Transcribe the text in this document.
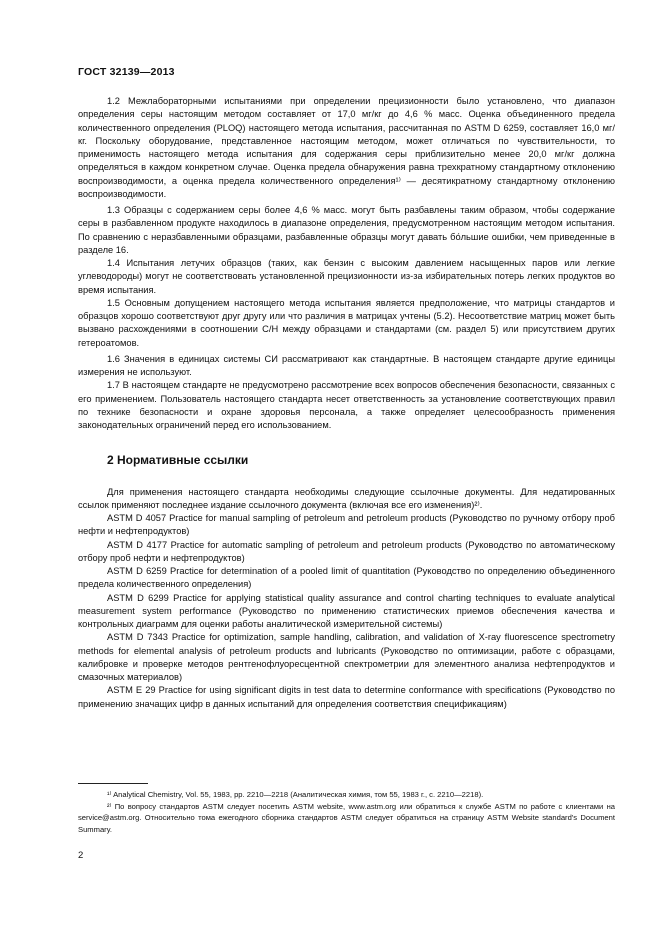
ГОСТ 32139—2013

1.2 Межлабораторными испытаниями при определении прецизионности было установлено, что диапазон определения серы настоящим методом составляет от 17,0 мг/кг до 4,6 % масс. Оценка объединенного предела количественного определения (PLOQ) настоящего метода испытания, рассчитанная по ASTM D 6259, составляет 16,0 мг/кг. Поскольку оборудование, представленное настоящим методом, может отличаться по чувствительности, то применимость настоящего метода испытания для содержания серы приблизительно менее 20,0 мг/кг должна определяться в каждом конкретном случае. Оценка предела обнаружения равна трехкратному стандартному отклонению воспроизводимости, а оценка предела количественного определения¹⁾ — десятикратному стандартному отклонению воспроизводимости.

1.3 Образцы с содержанием серы более 4,6 % масс. могут быть разбавлены таким образом, чтобы содержание серы в разбавленном продукте находилось в диапазоне определения, предусмотренном настоящим методом испытания. По сравнению с неразбавленными образцами, разбавленные образцы могут давать бо́льшие ошибки, чем приведенные в разделе 16.

1.4 Испытания летучих образцов (таких, как бензин с высоким давлением насыщенных паров или легкие углеводороды) могут не соответствовать установленной прецизионности из-за избирательных потерь легких продуктов во время испытания.

1.5 Основным допущением настоящего метода испытания является предположение, что матрицы стандартов и образцов хорошо соответствуют друг другу или что различия в матрицах учтены (5.2). Несоответствие матриц может быть вызвано расхождениями в соотношении С/Н между образцами и стандартами (см. раздел 5) или присутствием других гетероатомов.

1.6 Значения в единицах системы СИ рассматривают как стандартные. В настоящем стандарте другие единицы измерения не используют.

1.7 В настоящем стандарте не предусмотрено рассмотрение всех вопросов обеспечения безопасности, связанных с его применением. Пользователь настоящего стандарта несет ответственность за установление соответствующих правил по технике безопасности и охране здоровья персонала, а также определяет целесообразность применения законодательных ограничений перед его использованием.

2 Нормативные ссылки

Для применения настоящего стандарта необходимы следующие ссылочные документы. Для недатированных ссылок применяют последнее издание ссылочного документа (включая все его изменения)²⁾.

ASTM D 4057 Practice for manual sampling of petroleum and petroleum products (Руководство по ручному отбору проб нефти и нефтепродуктов)

ASTM D 4177 Practice for automatic sampling of petroleum and petroleum products (Руководство по автоматическому отбору проб нефти и нефтепродуктов)

ASTM D 6259 Practice for determination of a pooled limit of quantitation (Руководство по определению объединенного предела количественного определения)

ASTM D 6299 Practice for applying statistical quality assurance and control charting techniques to evaluate analytical measurement system performance (Руководство по применению статистических приемов обеспечения качества и контрольных диаграмм для оценки работы аналитической измерительной системы)

ASTM D 7343 Practice for optimization, sample handling, calibration, and validation of X-ray fluorescence spectrometry methods for elemental analysis of petroleum products and lubricants (Руководство по оптимизации, работе с образцами, калибровке и проверке методов рентгенофлуоресцентной спектрометрии для элементного анализа нефтепродуктов и смазочных материалов)

ASTM E 29 Practice for using significant digits in test data to determine conformance with specifications (Руководство по применению значащих цифр в данных испытаний для определения соответствия спецификациям)

¹⁾ Analytical Chemistry, Vol. 55, 1983, pp. 2210—2218 (Аналитическая химия, том 55, 1983 г., с. 2210—2218).

²⁾ По вопросу стандартов ASTM следует посетить ASTM website, www.astm.org или обратиться к службе ASTM по работе с клиентами на service@astm.org. Относительно тома ежегодного сборника стандартов ASTM следует обратиться на страницу ASTM Website standard's Document Summary.

2
